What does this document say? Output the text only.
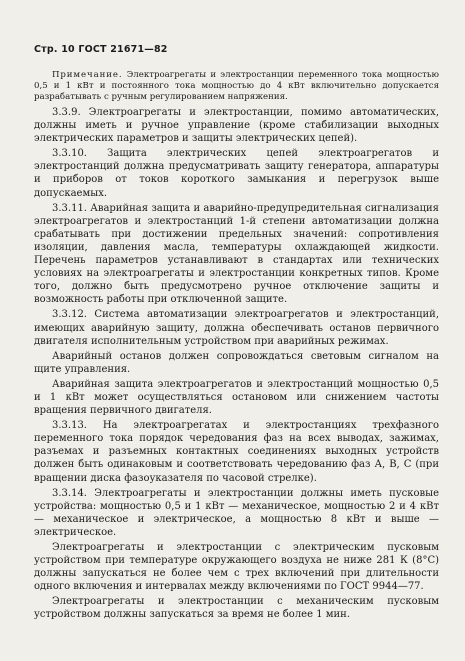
Стр. 10 ГОСТ 21671—82

Примечание. Электроагрегаты и электростанции переменного тока мощностью 0,5 и 1 кВт и постоянного тока мощностью до 4 кВт включительно допускается разрабатывать с ручным регулированием напряжения.

3.3.9. Электроагрегаты и электростанции, помимо автоматических, должны иметь и ручное управление (кроме стабилизации выходных электрических параметров и защиты электрических цепей).

3.3.10. Защита электрических цепей электроагрегатов и электростанций должна предусматривать защиту генератора, аппаратуры и приборов от токов короткого замыкания и перегрузок выше допускаемых.

3.3.11. Аварийная защита и аварийно-предупредительная сигнализация электроагрегатов и электростанций 1-й степени автоматизации должна срабатывать при достижении предельных значений: сопротивления изоляции, давления масла, температуры охлаждающей жидкости. Перечень параметров устанавливают в стандартах или технических условиях на электроагрегаты и электростанции конкретных типов. Кроме того, должно быть предусмотрено ручное отключение защиты и возможность работы при отключенной защите.

3.3.12. Система автоматизации электроагрегатов и электростанций, имеющих аварийную защиту, должна обеспечивать останов первичного двигателя исполнительным устройством при аварийных режимах.

Аварийный останов должен сопровождаться световым сигналом на щите управления.

Аварийная защита электроагрегатов и электростанций мощностью 0,5 и 1 кВт может осуществляться остановом или снижением частоты вращения первичного двигателя.

3.3.13. На электроагрегатах и электростанциях трехфазного переменного тока порядок чередования фаз на всех выводах, зажимах, разъемах и разъемных контактных соединениях выходных устройств должен быть одинаковым и соответствовать чередованию фаз А, В, С (при вращении диска фазоуказателя по часовой стрелке).

3.3.14. Электроагрегаты и электростанции должны иметь пусковые устройства: мощностью 0,5 и 1 кВт — механическое, мощностью 2 и 4 кВт — механическое и электрическое, а мощностью 8 кВт и выше — электрическое.

Электроагрегаты и электростанции с электрическим пусковым устройством при температуре окружающего воздуха не ниже 281 К (8°С) должны запускаться не более чем с трех включений при длительности одного включения и интервалах между включениями по ГОСТ 9944—77.

Электроагрегаты и электростанции с механическим пусковым устройством должны запускаться за время не более 1 мин.
